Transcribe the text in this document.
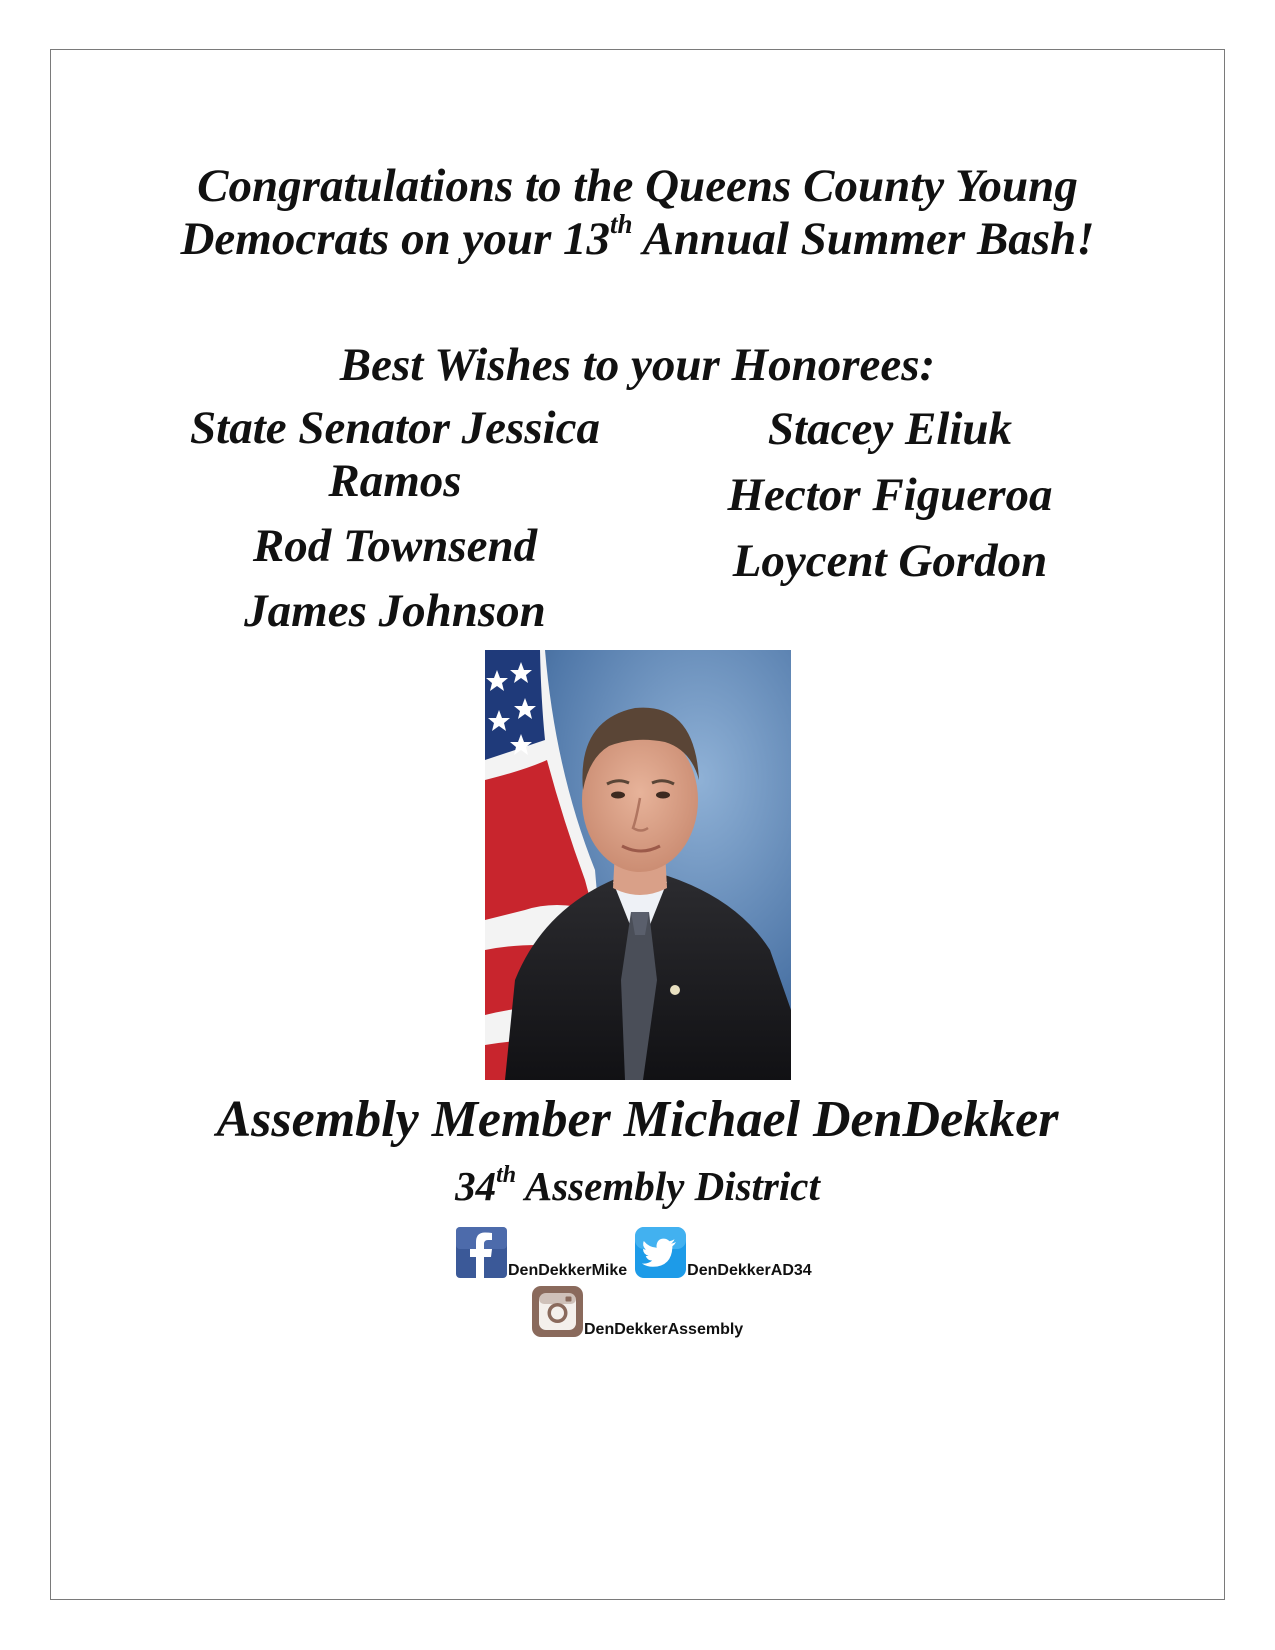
Congratulations to the Queens County Young
Democrats on your 13th Annual Summer Bash!
Best Wishes to your Honorees:
State Senator Jessica Ramos
Rod Townsend
James Johnson
Stacey Eliuk
Hector Figueroa
Loycent Gordon
Assembly Member Michael DenDekker
34th Assembly District
DenDekkerMike	DenDekkerAD34
DenDekkerAssembly
